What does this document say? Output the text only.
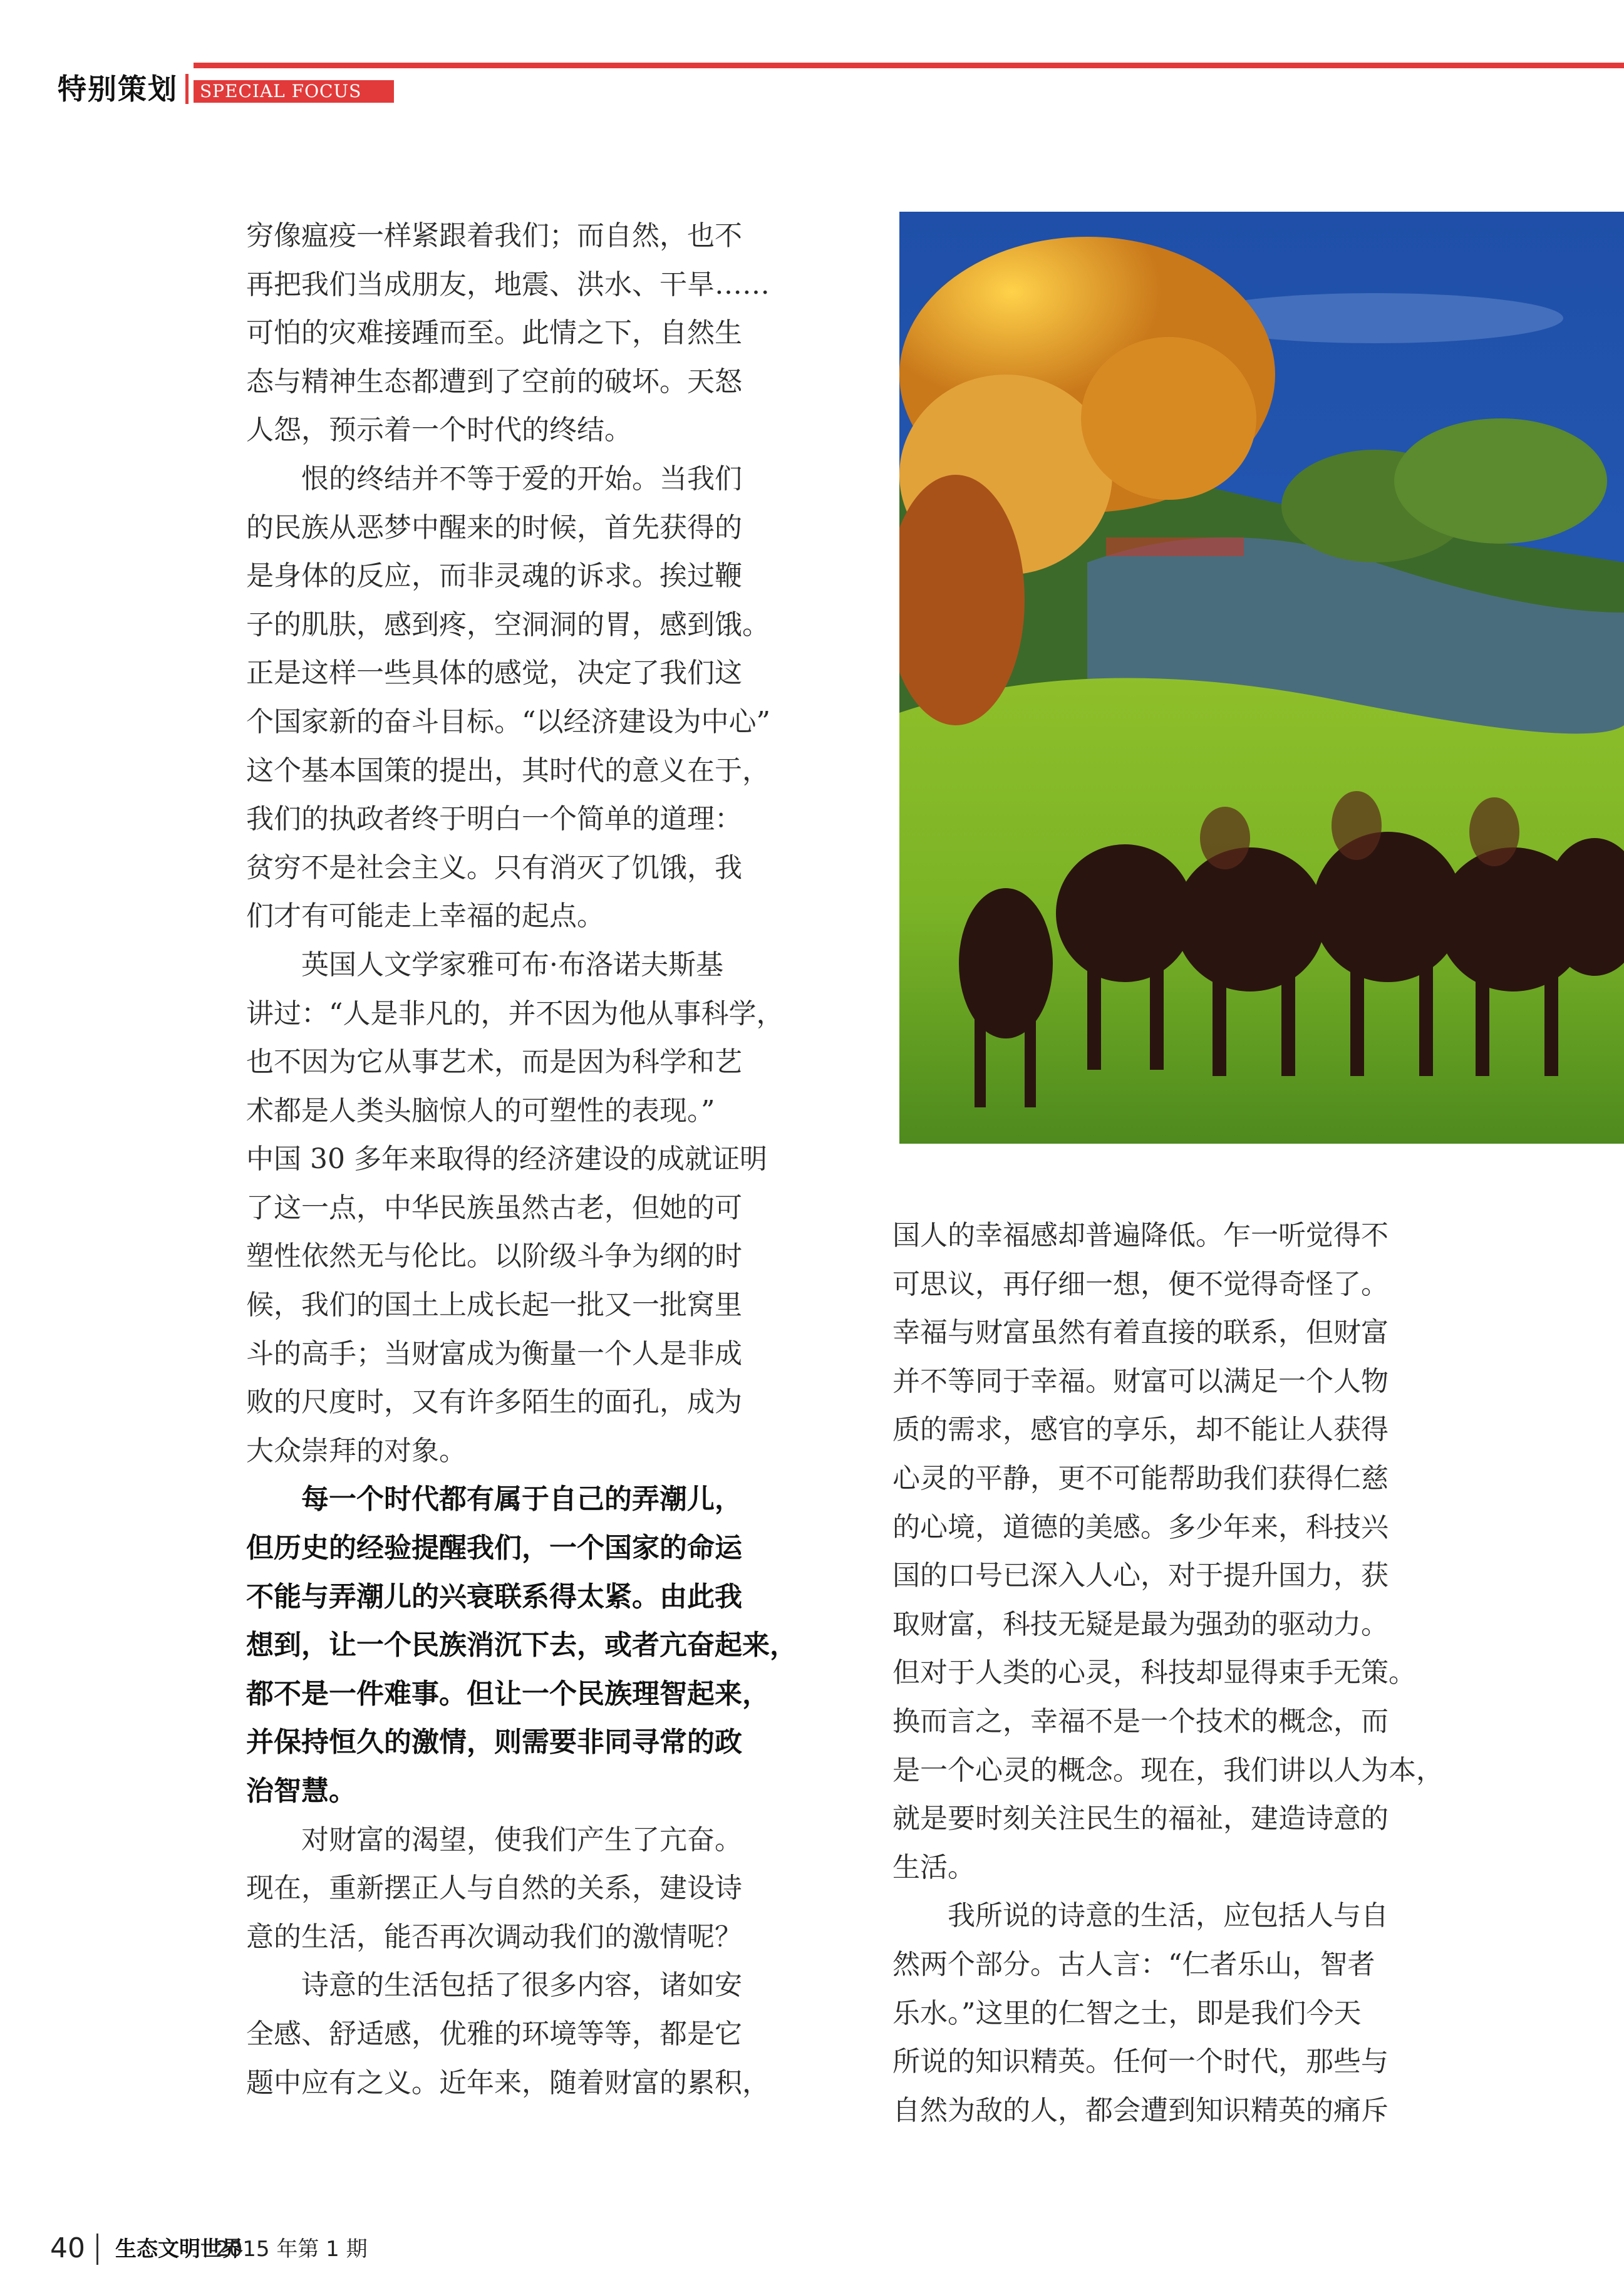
特别策划	SPECIAL FOCUS
穷像瘟疫一样紧跟着我们；而自然，也不
再把我们当成朋友，地震、洪水、干旱……
可怕的灾难接踵而至。此情之下，自然生
态与精神生态都遭到了空前的破坏。天怒
人怨，预示着一个时代的终结。
　　恨的终结并不等于爱的开始。当我们
的民族从恶梦中醒来的时候，首先获得的
是身体的反应，而非灵魂的诉求。挨过鞭
子的肌肤，感到疼，空洞洞的胃，感到饿。
正是这样一些具体的感觉，决定了我们这
个国家新的奋斗目标。“以经济建设为中心”
这个基本国策的提出，其时代的意义在于，
我们的执政者终于明白一个简单的道理：
贫穷不是社会主义。只有消灭了饥饿，我
们才有可能走上幸福的起点。
　　英国人文学家雅可布·布洛诺夫斯基
讲过：“人是非凡的，并不因为他从事科学，
也不因为它从事艺术，而是因为科学和艺
术都是人类头脑惊人的可塑性的表现。”
中国 30 多年来取得的经济建设的成就证明
了这一点，中华民族虽然古老，但她的可
塑性依然无与伦比。以阶级斗争为纲的时
候，我们的国土上成长起一批又一批窝里
斗的高手；当财富成为衡量一个人是非成
败的尺度时，又有许多陌生的面孔，成为
大众崇拜的对象。
　　每一个时代都有属于自己的弄潮儿，
但历史的经验提醒我们，一个国家的命运
不能与弄潮儿的兴衰联系得太紧。由此我
想到，让一个民族消沉下去，或者亢奋起来，
都不是一件难事。但让一个民族理智起来，
并保持恒久的激情，则需要非同寻常的政
治智慧。
　　对财富的渴望，使我们产生了亢奋。
现在，重新摆正人与自然的关系，建设诗
意的生活，能否再次调动我们的激情呢？
　　诗意的生活包括了很多内容，诸如安
全感、舒适感，优雅的环境等等，都是它
题中应有之义。近年来，随着财富的累积，
国人的幸福感却普遍降低。乍一听觉得不
可思议，再仔细一想，便不觉得奇怪了。
幸福与财富虽然有着直接的联系，但财富
并不等同于幸福。财富可以满足一个人物
质的需求，感官的享乐，却不能让人获得
心灵的平静，更不可能帮助我们获得仁慈
的心境，道德的美感。多少年来，科技兴
国的口号已深入人心，对于提升国力，获
取财富，科技无疑是最为强劲的驱动力。
但对于人类的心灵，科技却显得束手无策。
换而言之，幸福不是一个技术的概念，而
是一个心灵的概念。现在，我们讲以人为本，
就是要时刻关注民生的福祉，建造诗意的
生活。
　　我所说的诗意的生活，应包括人与自
然两个部分。古人言：“仁者乐山，智者
乐水。”这里的仁智之士，即是我们今天
所说的知识精英。任何一个时代，那些与
自然为敌的人，都会遭到知识精英的痛斥
40 生态文明世界
2015 年第 1 期
